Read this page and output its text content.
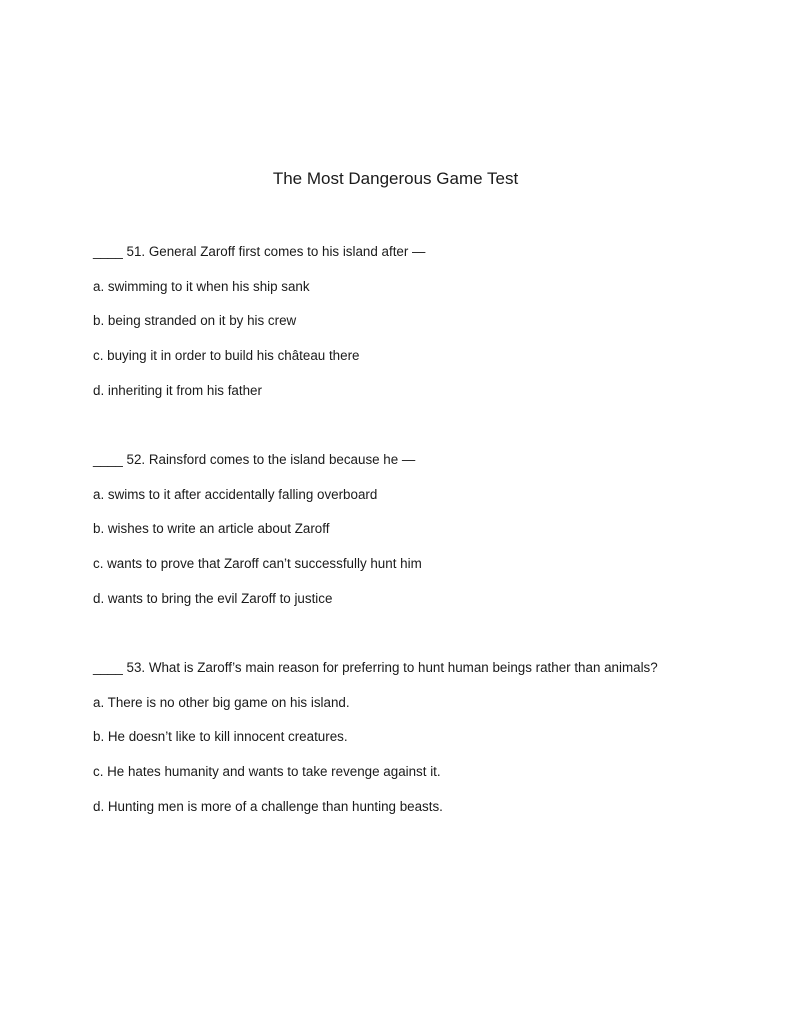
The Most Dangerous Game Test
____ 51. General Zaroff first comes to his island after —
a. swimming to it when his ship sank
b. being stranded on it by his crew
c. buying it in order to build his château there
d. inheriting it from his father
____ 52. Rainsford comes to the island because he —
a. swims to it after accidentally falling overboard
b. wishes to write an article about Zaroff
c. wants to prove that Zaroff can’t successfully hunt him
d. wants to bring the evil Zaroff to justice
____ 53. What is Zaroff’s main reason for preferring to hunt human beings rather than animals?
a. There is no other big game on his island.
b. He doesn’t like to kill innocent creatures.
c. He hates humanity and wants to take revenge against it.
d. Hunting men is more of a challenge than hunting beasts.
